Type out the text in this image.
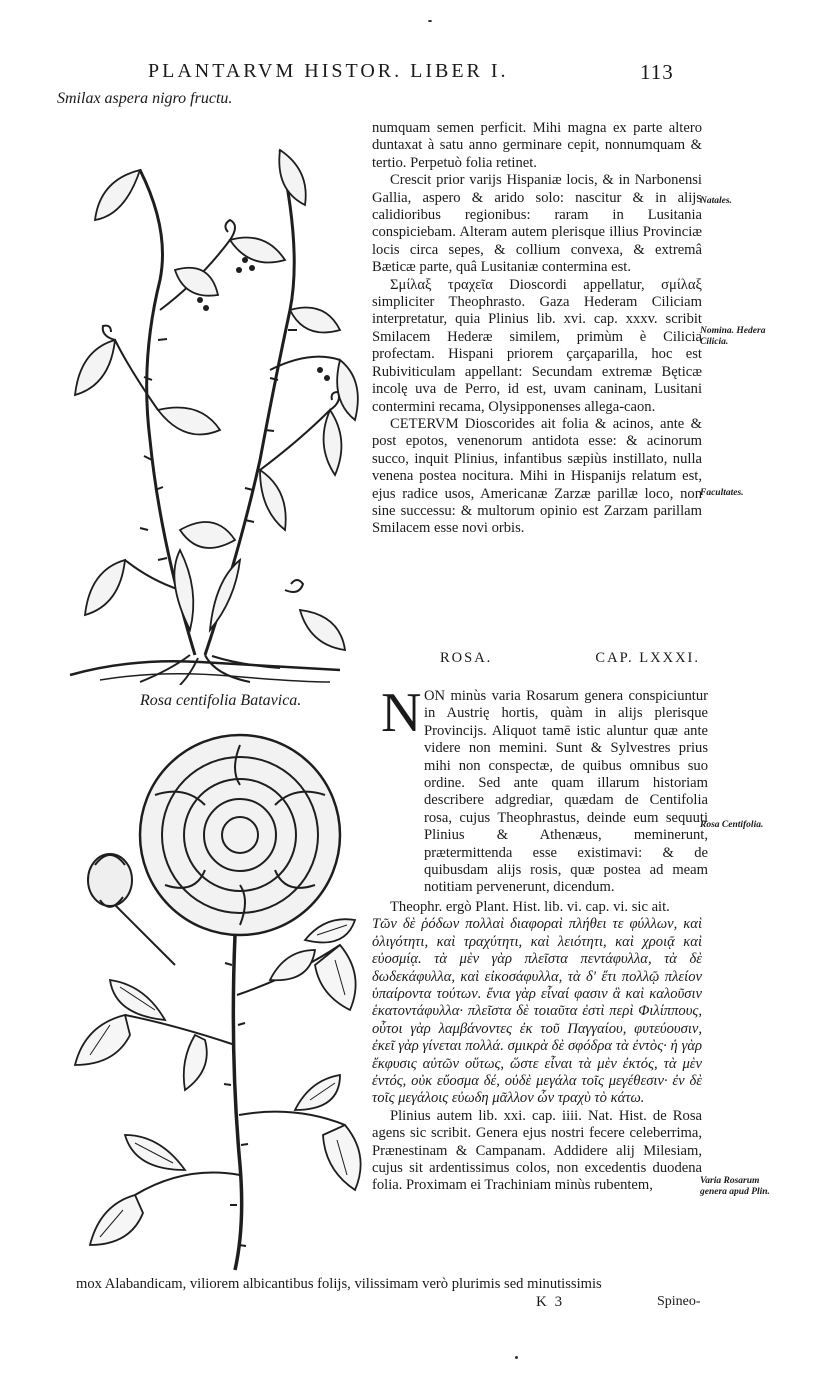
PLANTARVM HISTOR. LIBER I.	113
Smilax aspera nigro fructu.

numquam semen perficit. Mihi magna ex parte altero duntaxat à satu anno germinare cepit, nonnumquam & tertio. Perpetuò folia retinet.

Crescit prior varijs Hispaniæ locis, & in Narbonensi Gallia, aspero & arido solo: nascitur & in alijs calidioribus regionibus: raram in Lusitania conspiciebam. Alteram autem plerisque illius Provinciæ locis circa sepes, & collium convexa, & extremâ Bæticæ parte, quâ Lusitaniæ contermina est.

Σμίλαξ τραχεῖα Dioscordi appellatur, σμίλαξ simpliciter Theophrasto. Gaza Hederam Ciliciam interpretatur, quia Plinius lib. xvi. cap. xxxv. scribit Smilacem Hederæ similem, primùm è Cilicia profectam. Hispani priorem çarçaparilla, hoc est Rubiviticulam appellant: Secundam extremæ Bęticæ incolę uva de Perro, id est, uvam caninam, Lusitani contermini recama, Olysipponenses allega-caon.

CETERVM Dioscorides ait folia & acinos, ante & post epotos, venenorum antidota esse: & acinorum succo, inquit Plinius, infantibus sæpiùs instillato, nulla venena postea nocitura. Mihi in Hispanijs relatum est, ejus radice usos, Americanæ Zarzæ parillæ loco, non sine successu: & multorum opinio est Zarzam parillam Smilacem esse novi orbis.

Natales.
Nomina. Hedera Cilicia.
Facultates.
Rosa Centifolia.
Varia Rosarum genera apud Plin.
ROSA.	CAP. LXXXI.
Rosa centifolia Batavica. N ON minùs varia Rosarum genera conspiciuntur in Austrię hortis, quàm in alijs plerisque Provincijs. Aliquot tamē istic aluntur quæ ante videre non memini. Sunt & Sylvestres prius mihi non conspectæ, de quibus omnibus suo ordine. Sed ante quam illarum historiam describere adgrediar, quædam de Centifolia rosa, cujus Theophrastus, deinde eum sequuti Plinius & Athenæus, meminerunt, prætermittenda esse existimavi: & de quibusdam alijs rosis, quæ postea ad meam notitiam pervenerunt, dicendum.

Theophr. ergò Plant. Hist. lib. vi. cap. vi. sic ait.

Τῶν δὲ ῥόδων πολλαὶ διαφοραὶ πλήθει τε φύλλων, καὶ ὀλιγότητι, καὶ τραχύτητι, καὶ λειότητι, καὶ χροιᾷ καὶ εὐοσμίᾳ. τὰ μὲν γὰρ πλεῖστα πεντάφυλλα, τὰ δὲ δωδεκάφυλλα, καὶ εἰκοσάφυλλα, τὰ δ' ἔτι πολλῷ πλείον ὑπαίροντα τούτων. ἔνια γὰρ εἶναί φασιν ἃ καὶ καλοῦσιν ἑκατοντάφυλλα· πλεῖστα δὲ τοιαῦτα ἐστὶ περὶ Φιλίππους, οὗτοι γὰρ λαμβάνοντες ἐκ τοῦ Παγγαίου, φυτεύουσιν, ἐκεῖ γὰρ γίνεται πολλά. σμικρὰ δὲ σφόδρα τὰ ἐντὸς· ἡ γὰρ ἔκφυσις αὐτῶν οὕτως, ὥστε εἶναι τὰ μὲν ἐκτός, τὰ μὲν ἐντός, οὐκ εὔοσμα δέ, οὐδὲ μεγάλα τοῖς μεγέθεσιν· ἐν δὲ τοῖς μεγάλοις εὐωδη μᾶλλον ὧν τραχὺ τὸ κάτω.

Plinius autem lib. xxi. cap. iiii. Nat. Hist. de Rosa agens sic scribit. Genera ejus nostri fecere celeberrima, Prænestinam & Campanam. Addidere alij Milesiam, cujus sit ardentissimus colos, non excedentis duodena folia. Proximam ei Trachiniam minùs rubentem,

mox Alabandicam, viliorem albicantibus folijs, vilissimam verò plurimis sed minutissimis
K 3	Spineo-
